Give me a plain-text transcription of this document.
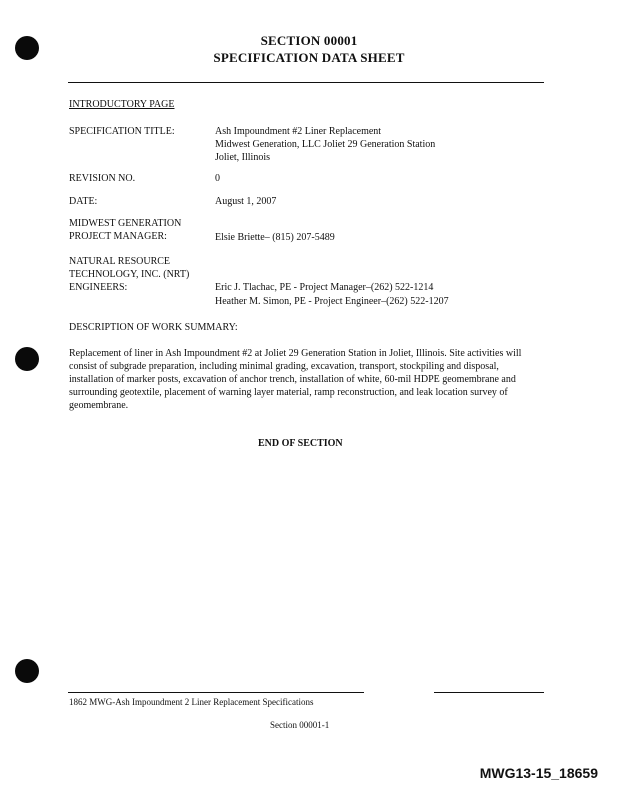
SECTION 00001
SPECIFICATION DATA SHEET
INTRODUCTORY PAGE
SPECIFICATION TITLE:	Ash Impoundment #2 Liner Replacement
Midwest Generation, LLC Joliet 29 Generation Station
Joliet, Illinois
REVISION NO.	0
DATE:	August 1, 2007
MIDWEST GENERATION
PROJECT MANAGER:	Elsie Briette– (815) 207-5489
NATURAL RESOURCE
TECHNOLOGY, INC. (NRT)
ENGINEERS:	Eric J. Tlachac, PE - Project Manager–(262) 522-1214
Heather M. Simon, PE - Project Engineer–(262) 522-1207
DESCRIPTION OF WORK SUMMARY:
Replacement of liner in Ash Impoundment #2 at Joliet 29 Generation Station in Joliet, Illinois. Site activities will consist of subgrade preparation, including minimal grading, excavation, transport, stockpiling and disposal, installation of marker posts, excavation of anchor trench, installation of white, 60-mil HDPE geomembrane and surrounding geotextile, placement of warning layer material, ramp reconstruction, and leak location survey of geomembrane.
END OF SECTION
1862 MWG-Ash Impoundment 2 Liner Replacement Specifications
Section 00001-1
MWG13-15_18659
